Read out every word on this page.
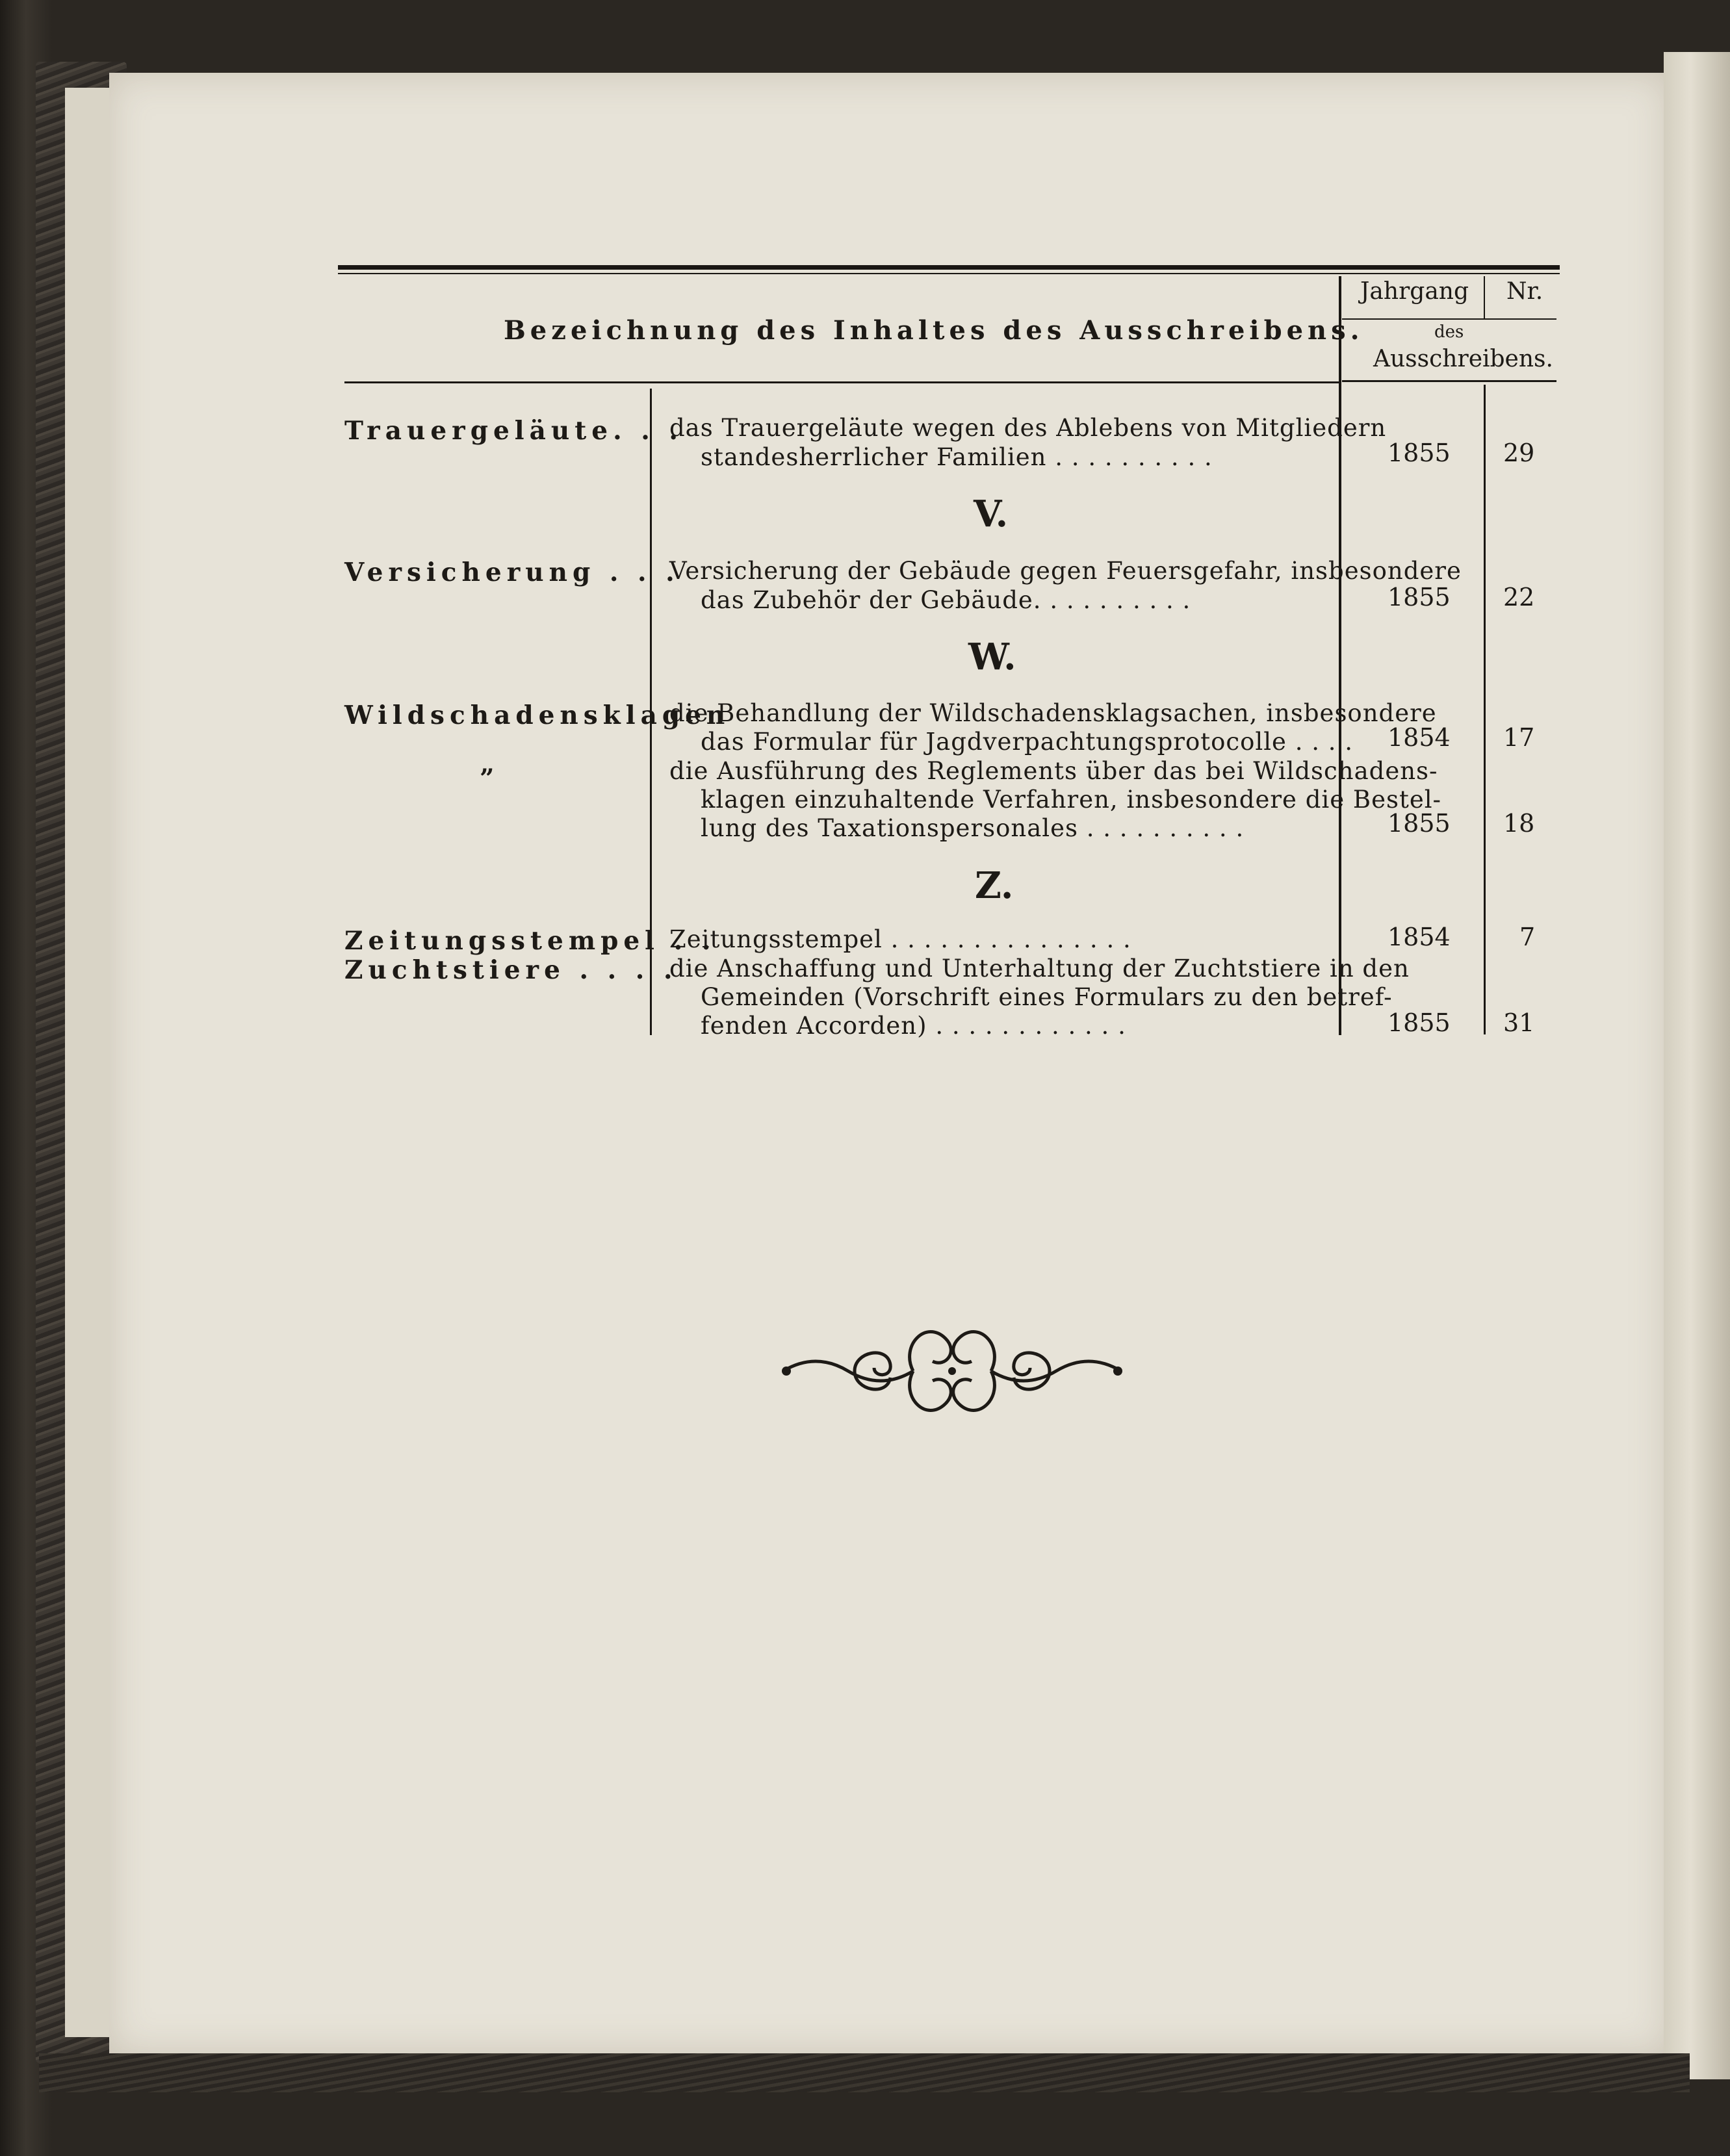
Bezeichnung des Inhaltes des Ausschreibens.
Jahrgang Nr.
des
Ausschreibens.
Trauergeläute. . .
das Trauergeläute wegen des Ablebens von Mitgliedern
standesherrlicher Familien . . . . . . . . . .	1855 29
V.
Versicherung . . .
Versicherung der Gebäude gegen Feuersgefahr, insbesondere
das Zubehör der Gebäude. . . . . . . . . .	1855 22
W.
Wildschadensklagen
die Behandlung der Wildschadensklagsachen, insbesondere
das Formular für Jagdverpachtungsprotocolle . . . . 1854 17
”	die Ausführung des Reglements über das bei Wildschadens-
klagen einzuhaltende Verfahren, insbesondere die Bestel-
lung des Taxationspersonales . . . . . . . . . .	1855 18
Z.
Zeitungsstempel . .
Zeitungsstempel . . . . . . . . . . . . . . .	1854	7
Zuchtstiere . . . .
die Anschaffung und Unterhaltung der Zuchtstiere in den
Gemeinden (Vorschrift eines Formulars zu den betref-
fenden Accorden) . . . . . . . . . . . .	1855 31
